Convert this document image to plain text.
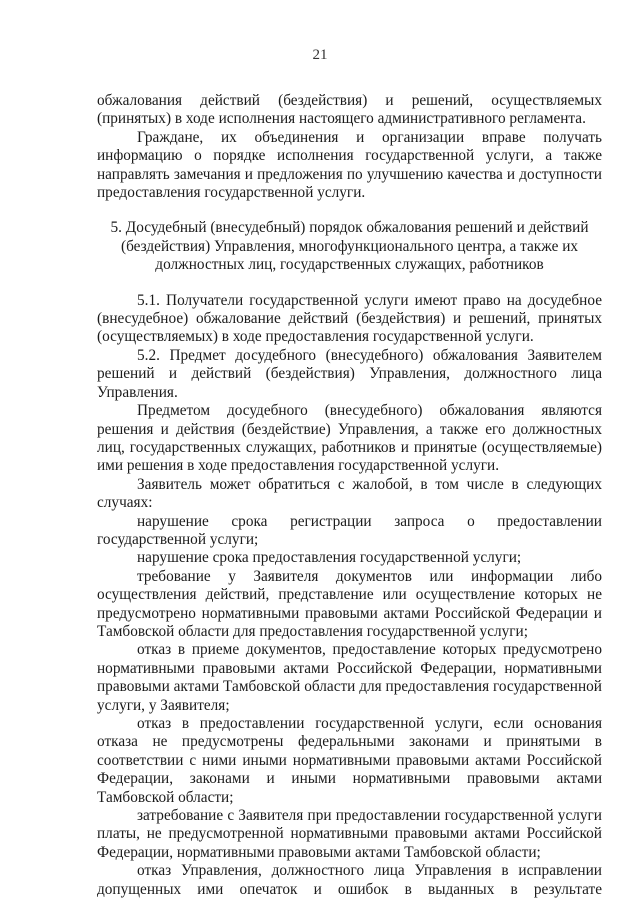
21

обжалования действий (бездействия) и решений, осуществляемых (принятых) в ходе исполнения настоящего административного регламента.

Граждане, их объединения и организации вправе получать информацию о порядке исполнения государственной услуги, а также направлять замечания и предложения по улучшению качества и доступности предоставления государственной услуги.

5. Досудебный (внесудебный) порядок обжалования решений и действий (бездействия) Управления, многофункционального центра, а также их должностных лиц, государственных служащих, работников

5.1. Получатели государственной услуги имеют право на досудебное (внесудебное) обжалование действий (бездействия) и решений, принятых (осуществляемых) в ходе предоставления государственной услуги.

5.2. Предмет досудебного (внесудебного) обжалования Заявителем решений и действий (бездействия) Управления, должностного лица Управления.

Предметом досудебного (внесудебного) обжалования являются решения и действия (бездействие) Управления, а также его должностных лиц, государственных служащих, работников и принятые (осуществляемые) ими решения в ходе предоставления государственной услуги.

Заявитель может обратиться с жалобой, в том числе в следующих случаях:

нарушение срока регистрации запроса о предоставлении государственной услуги;

нарушение срока предоставления государственной услуги;

требование у Заявителя документов или информации либо осуществления действий, представление или осуществление которых не предусмотрено нормативными правовыми актами Российской Федерации и Тамбовской области для предоставления государственной услуги;

отказ в приеме документов, предоставление которых предусмотрено нормативными правовыми актами Российской Федерации, нормативными правовыми актами Тамбовской области для предоставления государственной услуги, у Заявителя;

отказ в предоставлении государственной услуги, если основания отказа не предусмотрены федеральными законами и принятыми в соответствии с ними иными нормативными правовыми актами Российской Федерации, законами и иными нормативными правовыми актами Тамбовской области;

затребование с Заявителя при предоставлении государственной услуги платы, не предусмотренной нормативными правовыми актами Российской Федерации, нормативными правовыми актами Тамбовской области;

отказ Управления, должностного лица Управления в исправлении допущенных ими опечаток и ошибок в выданных в результате
